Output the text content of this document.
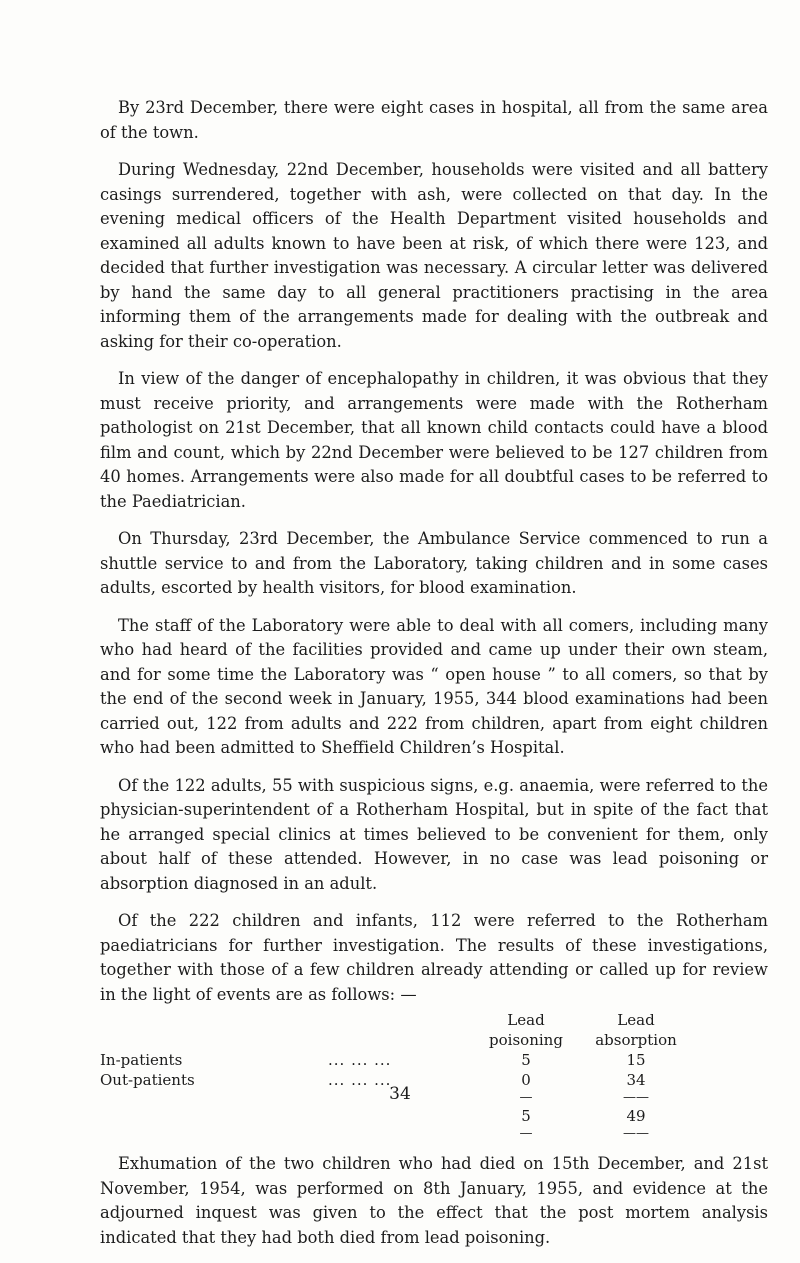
By 23rd December, there were eight cases in hospital, all from the same area of the town.

During Wednesday, 22nd December, households were visited and all battery casings surrendered, together with ash, were collected on that day. In the evening medical officers of the Health Department visited households and examined all adults known to have been at risk, of which there were 123, and decided that further investigation was necessary. A circular letter was delivered by hand the same day to all general practitioners practising in the area informing them of the arrangements made for dealing with the outbreak and asking for their co-operation.

In view of the danger of encephalopathy in children, it was obvious that they must receive priority, and arrangements were made with the Rotherham pathologist on 21st December, that all known child contacts could have a blood film and count, which by 22nd December were believed to be 127 children from 40 homes. Arrangements were also made for all doubtful cases to be referred to the Paediatrician.

On Thursday, 23rd December, the Ambulance Service commenced to run a shuttle service to and from the Laboratory, taking children and in some cases adults, escorted by health visitors, for blood examination.

The staff of the Laboratory were able to deal with all comers, including many who had heard of the facilities provided and came up under their own steam, and for some time the Laboratory was “ open house ” to all comers, so that by the end of the second week in January, 1955, 344 blood examinations had been carried out, 122 from adults and 222 from children, apart from eight children who had been admitted to Sheffield Children’s Hospital.

Of the 122 adults, 55 with suspicious signs, e.g. anaemia, were referred to the physician-superintendent of a Rotherham Hospital, but in spite of the fact that he arranged special clinics at times believed to be convenient for them, only about half of these attended. However, in no case was lead poisoning or absorption diagnosed in an adult.

Of the 222 children and infants, 112 were referred to the Rotherham paediatricians for further investigation. The results of these investigations, together with those of a few children already attending or called up for review in the light of events are as follows: —

		Lead	Lead
		poisoning	absorption
In-patients	... ... ...	5	15
Out-patients	... ... ...	0	34
		—	——
		5	49
		—	——

Exhumation of the two children who had died on 15th December, and 21st November, 1954, was performed on 8th January, 1955, and evidence at the adjourned inquest was given to the effect that the post mortem analysis indicated that they had both died from lead poisoning.

34
